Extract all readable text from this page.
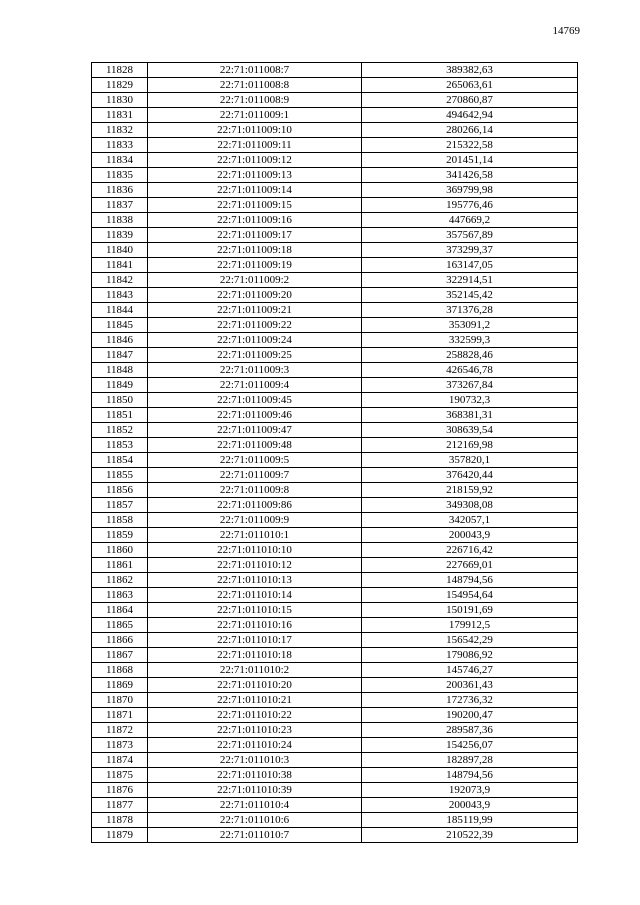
14769
11828	22:71:011008:7	389382,63
11829	22:71:011008:8	265063,61
11830	22:71:011008:9	270860,87
11831	22:71:011009:1	494642,94
11832	22:71:011009:10	280266,14
11833	22:71:011009:11	215322,58
11834	22:71:011009:12	201451,14
11835	22:71:011009:13	341426,58
11836	22:71:011009:14	369799,98
11837	22:71:011009:15	195776,46
11838	22:71:011009:16	447669,2
11839	22:71:011009:17	357567,89
11840	22:71:011009:18	373299,37
11841	22:71:011009:19	163147,05
11842	22:71:011009:2	322914,51
11843	22:71:011009:20	352145,42
11844	22:71:011009:21	371376,28
11845	22:71:011009:22	353091,2
11846	22:71:011009:24	332599,3
11847	22:71:011009:25	258828,46
11848	22:71:011009:3	426546,78
11849	22:71:011009:4	373267,84
11850	22:71:011009:45	190732,3
11851	22:71:011009:46	368381,31
11852	22:71:011009:47	308639,54
11853	22:71:011009:48	212169,98
11854	22:71:011009:5	357820,1
11855	22:71:011009:7	376420,44
11856	22:71:011009:8	218159,92
11857	22:71:011009:86	349308,08
11858	22:71:011009:9	342057,1
11859	22:71:011010:1	200043,9
11860	22:71:011010:10	226716,42
11861	22:71:011010:12	227669,01
11862	22:71:011010:13	148794,56
11863	22:71:011010:14	154954,64
11864	22:71:011010:15	150191,69
11865	22:71:011010:16	179912,5
11866	22:71:011010:17	156542,29
11867	22:71:011010:18	179086,92
11868	22:71:011010:2	145746,27
11869	22:71:011010:20	200361,43
11870	22:71:011010:21	172736,32
11871	22:71:011010:22	190200,47
11872	22:71:011010:23	289587,36
11873	22:71:011010:24	154256,07
11874	22:71:011010:3	182897,28
11875	22:71:011010:38	148794,56
11876	22:71:011010:39	192073,9
11877	22:71:011010:4	200043,9
11878	22:71:011010:6	185119,99
11879	22:71:011010:7	210522,39
